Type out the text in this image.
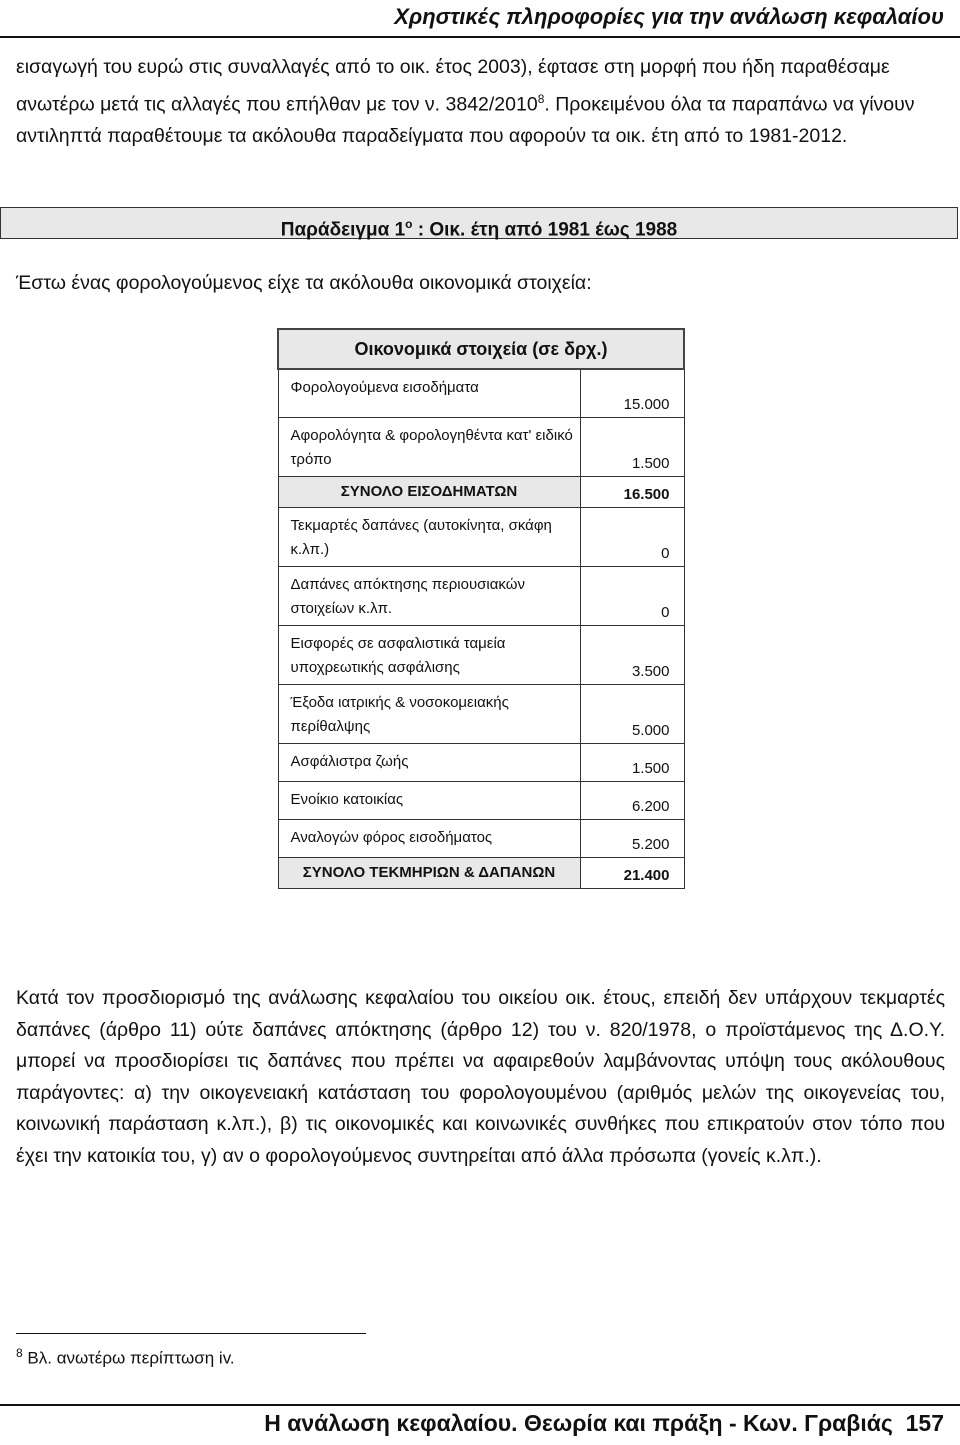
Χρηστικές πληροφορίες για την ανάλωση κεφαλαίου
εισαγωγή του ευρώ στις συναλλαγές από το οικ. έτος 2003), έφτασε στη μορφή που ήδη παραθέσαμε ανωτέρω μετά τις αλλαγές που επήλθαν με τον ν. 3842/2010$^8$. Προκειμένου όλα τα παραπάνω να γίνουν αντιληπτά παραθέτουμε τα ακόλουθα παραδείγματα που αφορούν τα οικ. έτη από το 1981-2012.
Παράδειγμα $1^o$ : Οικ. έτη από 1981 έως 1988
Έστω ένας φορολογούμενος είχε τα ακόλουθα οικονομικά στοιχεία:
Οικονομικά στοιχεία (σε δρχ.)	
Φορολογούμενα εισοδήματα	15.000
Αφορολόγητα & φορολογηθέντα κατ' ειδικό τρόπο	1.500
ΣΥΝΟΛΟ ΕΙΣΟΔΗΜΑΤΩΝ	16.500
Τεκμαρτές δαπάνες (αυτοκίνητα, σκάφη κ.λπ.)	0
Δαπάνες απόκτησης περιουσιακών στοιχείων κ.λπ.	0
Εισφορές σε ασφαλιστικά ταμεία υποχρεωτικής ασφάλισης	3.500
Έξοδα ιατρικής & νοσοκομειακής περίθαλψης	5.000
Ασφάλιστρα ζωής	1.500
Ενοίκιο κατοικίας	6.200
Αναλογών φόρος εισοδήματος	5.200
ΣΥΝΟΛΟ ΤΕΚΜΗΡΙΩΝ & ΔΑΠΑΝΩΝ	21.400
Κατά τον προσδιορισμό της ανάλωσης κεφαλαίου του οικείου οικ. έτους, επειδή δεν υπάρχουν τεκμαρτές δαπάνες (άρθρο 11) ούτε δαπάνες απόκτησης (άρθρο 12) του ν. 820/1978, ο προϊστάμενος της Δ.Ο.Υ. μπορεί να προσδιορίσει τις δαπάνες που πρέπει να αφαιρεθούν λαμβάνοντας υπόψη τους ακόλουθους παράγοντες: α) την οικογενειακή κατάσταση του φορολογουμένου (αριθμός μελών της οικογενείας του, κοινωνική παράσταση κ.λπ.), β) τις οικονομικές και κοινωνικές συνθήκες που επικρατούν στον τόπο που έχει την κατοικία του, γ) αν ο φορολογούμενος συντηρείται από άλλα πρόσωπα (γονείς κ.λπ.).
$^8$ Βλ. ανωτέρω περίπτωση iv.
Η ανάλωση κεφαλαίου. Θεωρία και πράξη - Κων. Γραβιάς 157
